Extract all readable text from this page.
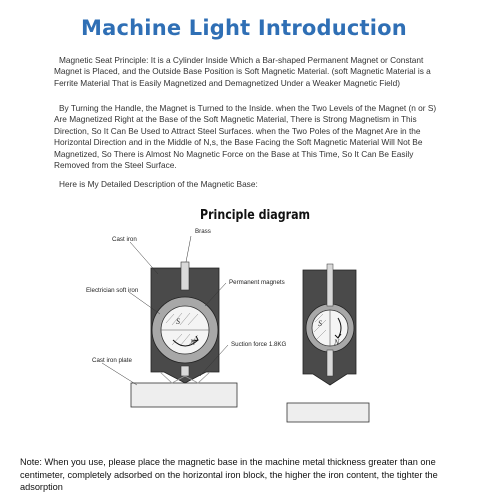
Machine Light Introduction
Magnetic Seat Principle: It is a Cylinder Inside Which a Bar-shaped Permanent Magnet or Constant Magnet is Placed, and the Outside Base Position is Soft Magnetic Material. (soft Magnetic Material is a Ferrite Material That is Easily Magnetized and Demagnetized Under a Weaker Magnetic Field)
By Turning the Handle, the Magnet is Turned to the Inside. when the Two Levels of the Magnet (n or S) Are Magnetized Right at the Base of the Soft Magnetic Material, There is Strong Magnetism in This Direction, So It Can Be Used to Attract Steel Surfaces. when the Two Poles of the Magnet Are in the Horizontal Direction and in the Middle of N,s, the Base Facing the Soft Magnetic Material Will Not Be Magnetized, So There is Almost No Magnetic Force on the Base at This Time, So It Can Be Easily Removed from the Steel Surface.
Here is My Detailed Description of the Magnetic Base:
Principle diagram
S
N
S
N
Brass
Cast iron
Permanent magnets
Electrician soft iron
Suction force 1.8KG
Cast iron plate
Note: When you use, please place the magnetic base in the machine metal thickness greater than one centimeter, completely adsorbed on the horizontal iron block, the higher the iron content, the tighter the adsorption
